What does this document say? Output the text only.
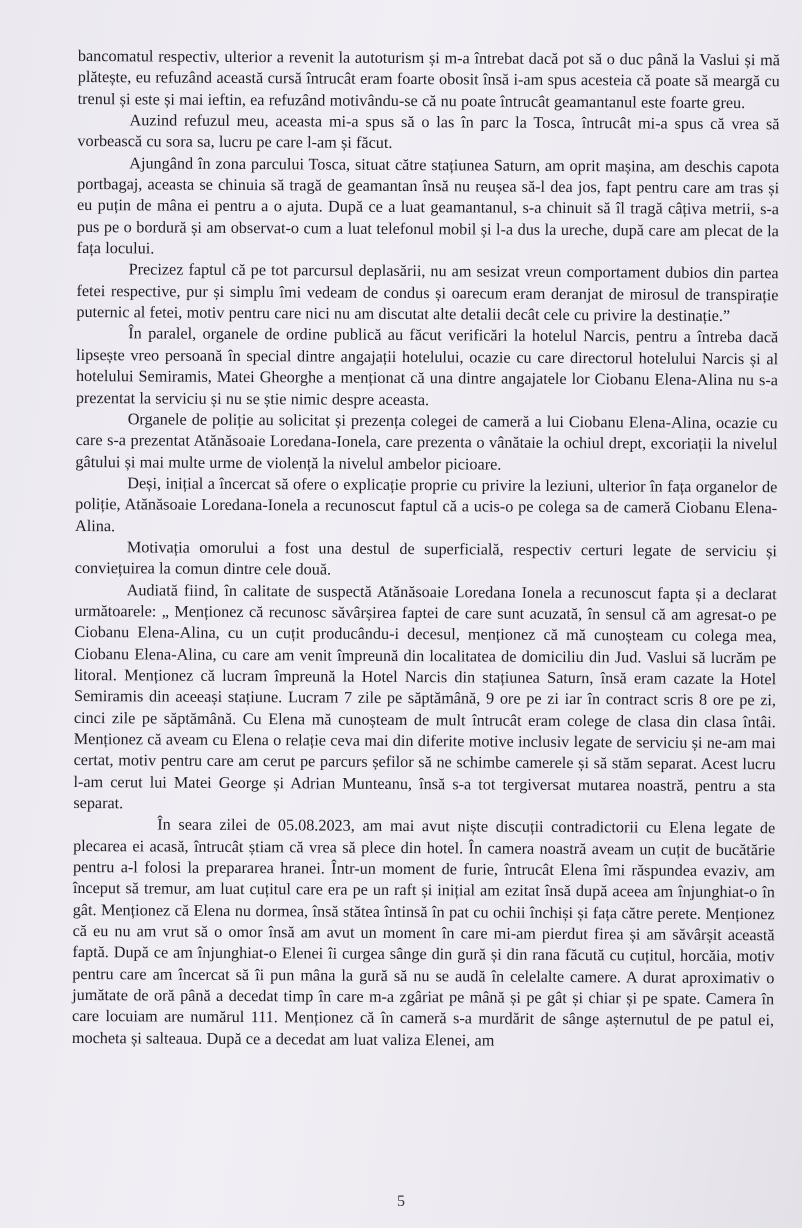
bancomatul respectiv, ulterior a revenit la autoturism și m-a întrebat dacă pot să o duc până la Vaslui și mă plătește, eu refuzând această cursă întrucât eram foarte obosit însă i-am spus acesteia că poate să meargă cu trenul și este și mai ieftin, ea refuzând motivându-se că nu poate întrucât geamantanul este foarte greu.

Auzind refuzul meu, aceasta mi-a spus să o las în parc la Tosca, întrucât mi-a spus că vrea să vorbească cu sora sa, lucru pe care l-am și făcut.

Ajungând în zona parcului Tosca, situat către stațiunea Saturn, am oprit mașina, am deschis capota portbagaj, aceasta se chinuia să tragă de geamantan însă nu reușea să-l dea jos, fapt pentru care am tras și eu puțin de mâna ei pentru a o ajuta. După ce a luat geamantanul, s-a chinuit să îl tragă câțiva metrii, s-a pus pe o bordură și am observat-o cum a luat telefonul mobil și l-a dus la ureche, după care am plecat de la fața locului.

Precizez faptul că pe tot parcursul deplasării, nu am sesizat vreun comportament dubios din partea fetei respective, pur și simplu îmi vedeam de condus și oarecum eram deranjat de mirosul de transpirație puternic al fetei, motiv pentru care nici nu am discutat alte detalii decât cele cu privire la destinație.”

În paralel, organele de ordine publică au făcut verificări la hotelul Narcis, pentru a întreba dacă lipsește vreo persoană în special dintre angajații hotelului, ocazie cu care directorul hotelului Narcis și al hotelului Semiramis, Matei Gheorghe a menționat că una dintre angajatele lor Ciobanu Elena-Alina nu s-a prezentat la serviciu și nu se știe nimic despre aceasta.

Organele de poliție au solicitat și prezența colegei de cameră a lui Ciobanu Elena-Alina, ocazie cu care s-a prezentat Atănăsoaie Loredana-Ionela, care prezenta o vânătaie la ochiul drept, excoriații la nivelul gâtului și mai multe urme de violență la nivelul ambelor picioare.

Deși, inițial a încercat să ofere o explicație proprie cu privire la leziuni, ulterior în fața organelor de poliție, Atănăsoaie Loredana-Ionela a recunoscut faptul că a ucis-o pe colega sa de cameră Ciobanu Elena-Alina.

Motivația omorului a fost una destul de superficială, respectiv certuri legate de serviciu și conviețuirea la comun dintre cele două.

Audiată fiind, în calitate de suspectă Atănăsoaie Loredana Ionela a recunoscut fapta și a declarat următoarele: „ Menționez că recunosc săvârșirea faptei de care sunt acuzată, în sensul că am agresat-o pe Ciobanu Elena-Alina, cu un cuțit producându-i decesul, menționez că mă cunoșteam cu colega mea, Ciobanu Elena-Alina, cu care am venit împreună din localitatea de domiciliu din Jud. Vaslui să lucrăm pe litoral. Menționez că lucram împreună la Hotel Narcis din stațiunea Saturn, însă eram cazate la Hotel Semiramis din aceeași stațiune. Lucram 7 zile pe săptămână, 9 ore pe zi iar în contract scris 8 ore pe zi, cinci zile pe săptămână. Cu Elena mă cunoșteam de mult întrucât eram colege de clasa din clasa întâi. Menționez că aveam cu Elena o relație ceva mai din diferite motive inclusiv legate de serviciu și ne-am mai certat, motiv pentru care am cerut pe parcurs șefilor să ne schimbe camerele și să stăm separat. Acest lucru l-am cerut lui Matei George și Adrian Munteanu, însă s-a tot tergiversat mutarea noastră, pentru a sta separat.

În seara zilei de 05.08.2023, am mai avut niște discuții contradictorii cu Elena legate de plecarea ei acasă, întrucât știam că vrea să plece din hotel. În camera noastră aveam un cuțit de bucătărie pentru a-l folosi la prepararea hranei. Într-un moment de furie, întrucât Elena îmi răspundea evaziv, am început să tremur, am luat cuțitul care era pe un raft și inițial am ezitat însă după aceea am înjunghiat-o în gât. Menționez că Elena nu dormea, însă stătea întinsă în pat cu ochii închiși și fața către perete. Menționez că eu nu am vrut să o omor însă am avut un moment în care mi-am pierdut firea și am săvârșit această faptă. După ce am înjunghiat-o Elenei îi curgea sânge din gură și din rana făcută cu cuțitul, horcăia, motiv pentru care am încercat să îi pun mâna la gură să nu se audă în celelalte camere. A durat aproximativ o jumătate de oră până a decedat timp în care m-a zgâriat pe mână și pe gât și chiar și pe spate. Camera în care locuiam are numărul 111. Menționez că în cameră s-a murdărit de sânge așternutul de pe patul ei, mocheta și salteaua. După ce a decedat am luat valiza Elenei, am

5
